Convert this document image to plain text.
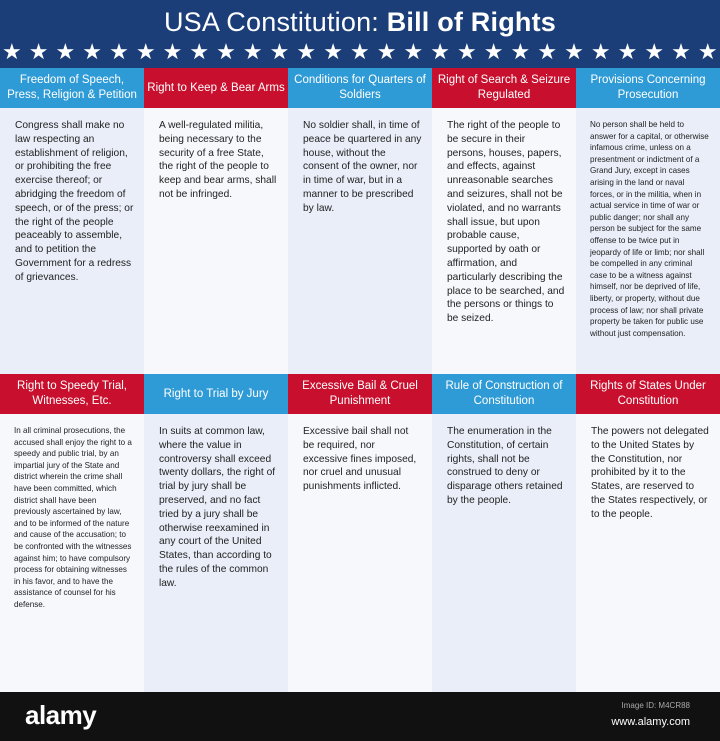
USA Constitution: Bill of Rights
★ ★ ★ ★ ★ ★ ★ ★ ★ ★ ★ ★ ★ ★ ★ ★ ★ ★ ★ ★ ★ ★ ★ ★ ★ ★ ★
Freedom of Speech, Press, Religion & Petition
Congress shall make no law respecting an establishment of religion, or prohibiting the free exercise thereof; or abridging the freedom of speech, or of the press; or the right of the people peaceably to assemble, and to petition the Government for a redress of grievances.
Right to Keep & Bear Arms
A well-regulated militia, being necessary to the security of a free State, the right of the people to keep and bear arms, shall not be infringed.
Conditions for Quarters of Soldiers
No soldier shall, in time of peace be quartered in any house, without the consent of the owner, nor in time of war, but in a manner to be prescribed by law.
Right of Search & Seizure Regulated
The right of the people to be secure in their persons, houses, papers, and effects, against unreasonable searches and seizures, shall not be violated, and no warrants shall issue, but upon probable cause, supported by oath or affirmation, and particularly describing the place to be searched, and the persons or things to be seized.
Provisions Concerning Prosecution
No person shall be held to answer for a capital, or otherwise infamous crime, unless on a presentment or indictment of a Grand Jury, except in cases arising in the land or naval forces, or in the militia, when in actual service in time of war or public danger; nor shall any person be subject for the same offense to be twice put in jeopardy of life or limb; nor shall be compelled in any criminal case to be a witness against himself, nor be deprived of life, liberty, or property, without due process of law; nor shall private property be taken for public use without just compensation.
Right to Speedy Trial, Witnesses, Etc.
In all criminal prosecutions, the accused shall enjoy the right to a speedy and public trial, by an impartial jury of the State and district wherein the crime shall have been committed, which district shall have been previously ascertained by law, and to be informed of the nature and cause of the accusation; to be confronted with the witnesses against him; to have compulsory process for obtaining witnesses in his favor, and to have the assistance of counsel for his defense.
Right to Trial by Jury
In suits at common law, where the value in controversy shall exceed twenty dollars, the right of trial by jury shall be preserved, and no fact tried by a jury shall be otherwise reexamined in any court of the United States, than according to the rules of the common law.
Excessive Bail & Cruel Punishment
Excessive bail shall not be required, nor excessive fines imposed, nor cruel and unusual punishments inflicted.
Rule of Construction of Constitution
The enumeration in the Constitution, of certain rights, shall not be construed to deny or disparage others retained by the people.
Rights of States Under Constitution
The powers not delegated to the United States by the Constitution, nor prohibited by it to the States, are reserved to the States respectively, or to the people.
alamy	Image ID: M4CR88
www.alamy.com
